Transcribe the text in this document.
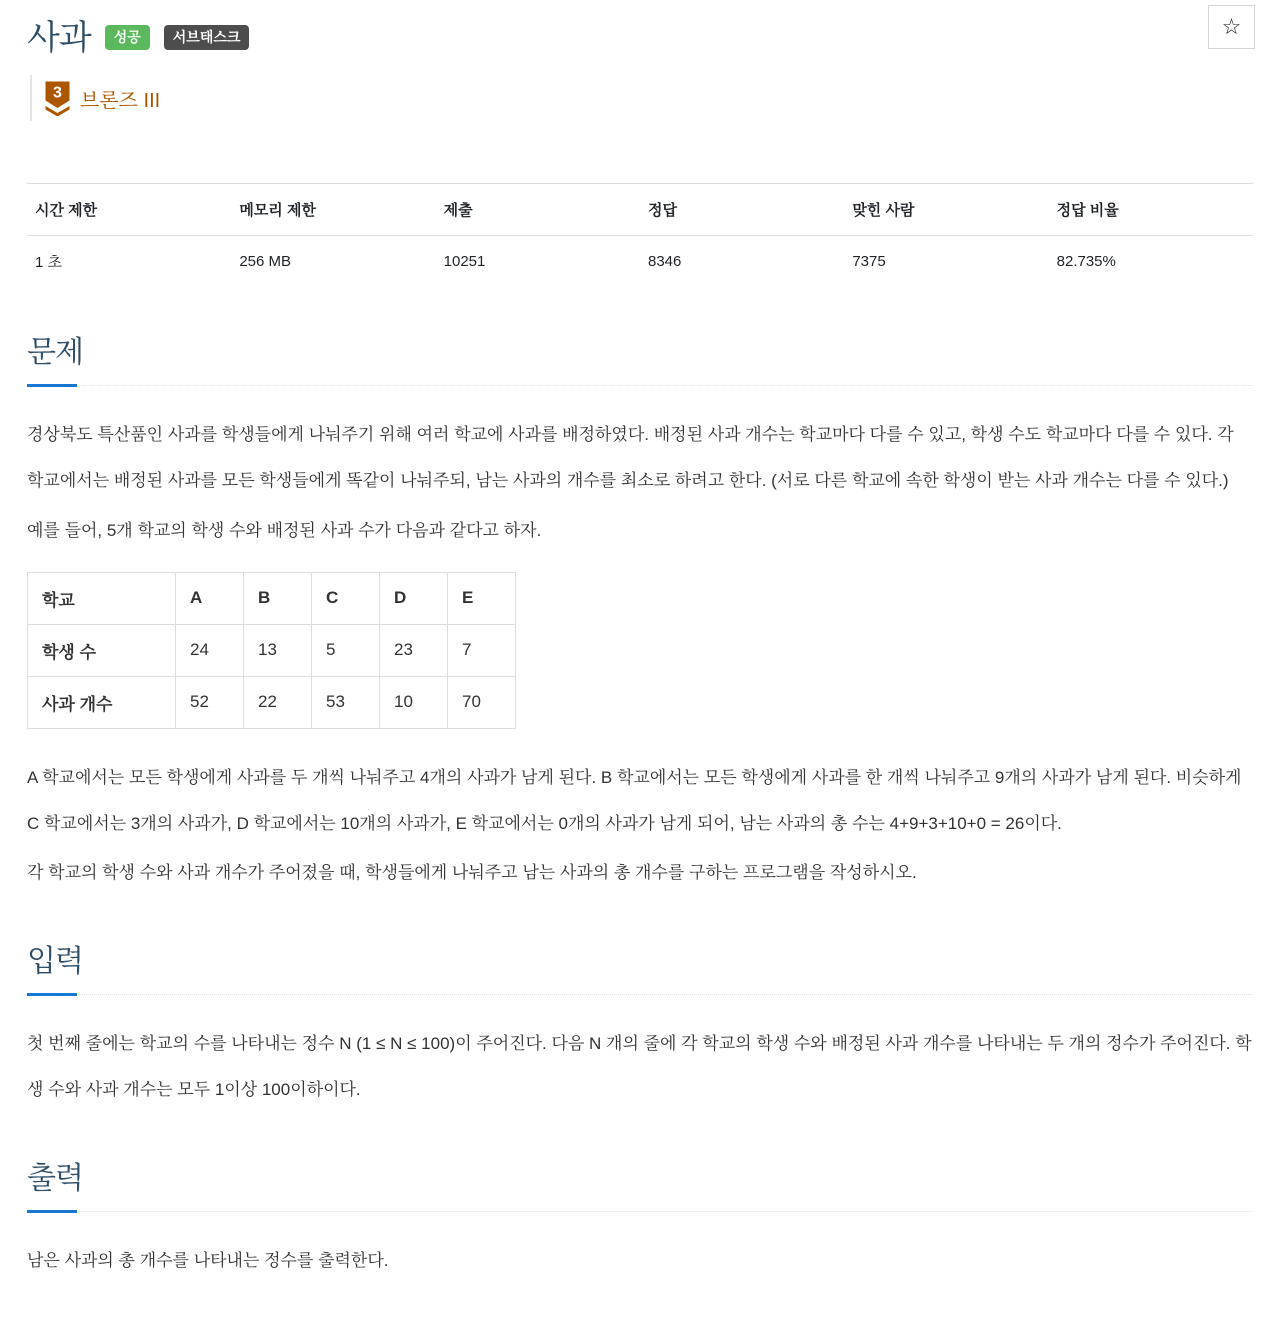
사과	성공	서브태스크	☆
3 브론즈 III
시간 제한	메모리 제한	제출	정답	맞힌 사람	정답 비율
1 초	256 MB	10251	8346	7375	82.735%
문제

경상북도 특산품인 사과를 학생들에게 나눠주기 위해 여러 학교에 사과를 배정하였다. 배정된 사과 개수는 학교마다 다를 수 있고, 학생 수도 학교마다 다를 수 있다. 각 학교에서는 배정된 사과를 모든 학생들에게 똑같이 나눠주되, 남는 사과의 개수를 최소로 하려고 한다. (서로 다른 학교에 속한 학생이 받는 사과 개수는 다를 수 있다.)

예를 들어, 5개 학교의 학생 수와 배정된 사과 수가 다음과 같다고 하자.

학교	A	B	C	D	E
학생 수	24	13	5	23	7
사과 개수	52	22	53	10	70

A 학교에서는 모든 학생에게 사과를 두 개씩 나눠주고 4개의 사과가 남게 된다. B 학교에서는 모든 학생에게 사과를 한 개씩 나눠주고 9개의 사과가 남게 된다. 비슷하게 C 학교에서는 3개의 사과가, D 학교에서는 10개의 사과가, E 학교에서는 0개의 사과가 남게 되어, 남는 사과의 총 수는 4+9+3+10+0 = 26이다.

각 학교의 학생 수와 사과 개수가 주어졌을 때, 학생들에게 나눠주고 남는 사과의 총 개수를 구하는 프로그램을 작성하시오.

입력

첫 번째 줄에는 학교의 수를 나타내는 정수 N (1 ≤ N ≤ 100)이 주어진다. 다음 N 개의 줄에 각 학교의 학생 수와 배정된 사과 개수를 나타내는 두 개의 정수가 주어진다. 학생 수와 사과 개수는 모두 1이상 100이하이다.

출력

남은 사과의 총 개수를 나타내는 정수를 출력한다.
